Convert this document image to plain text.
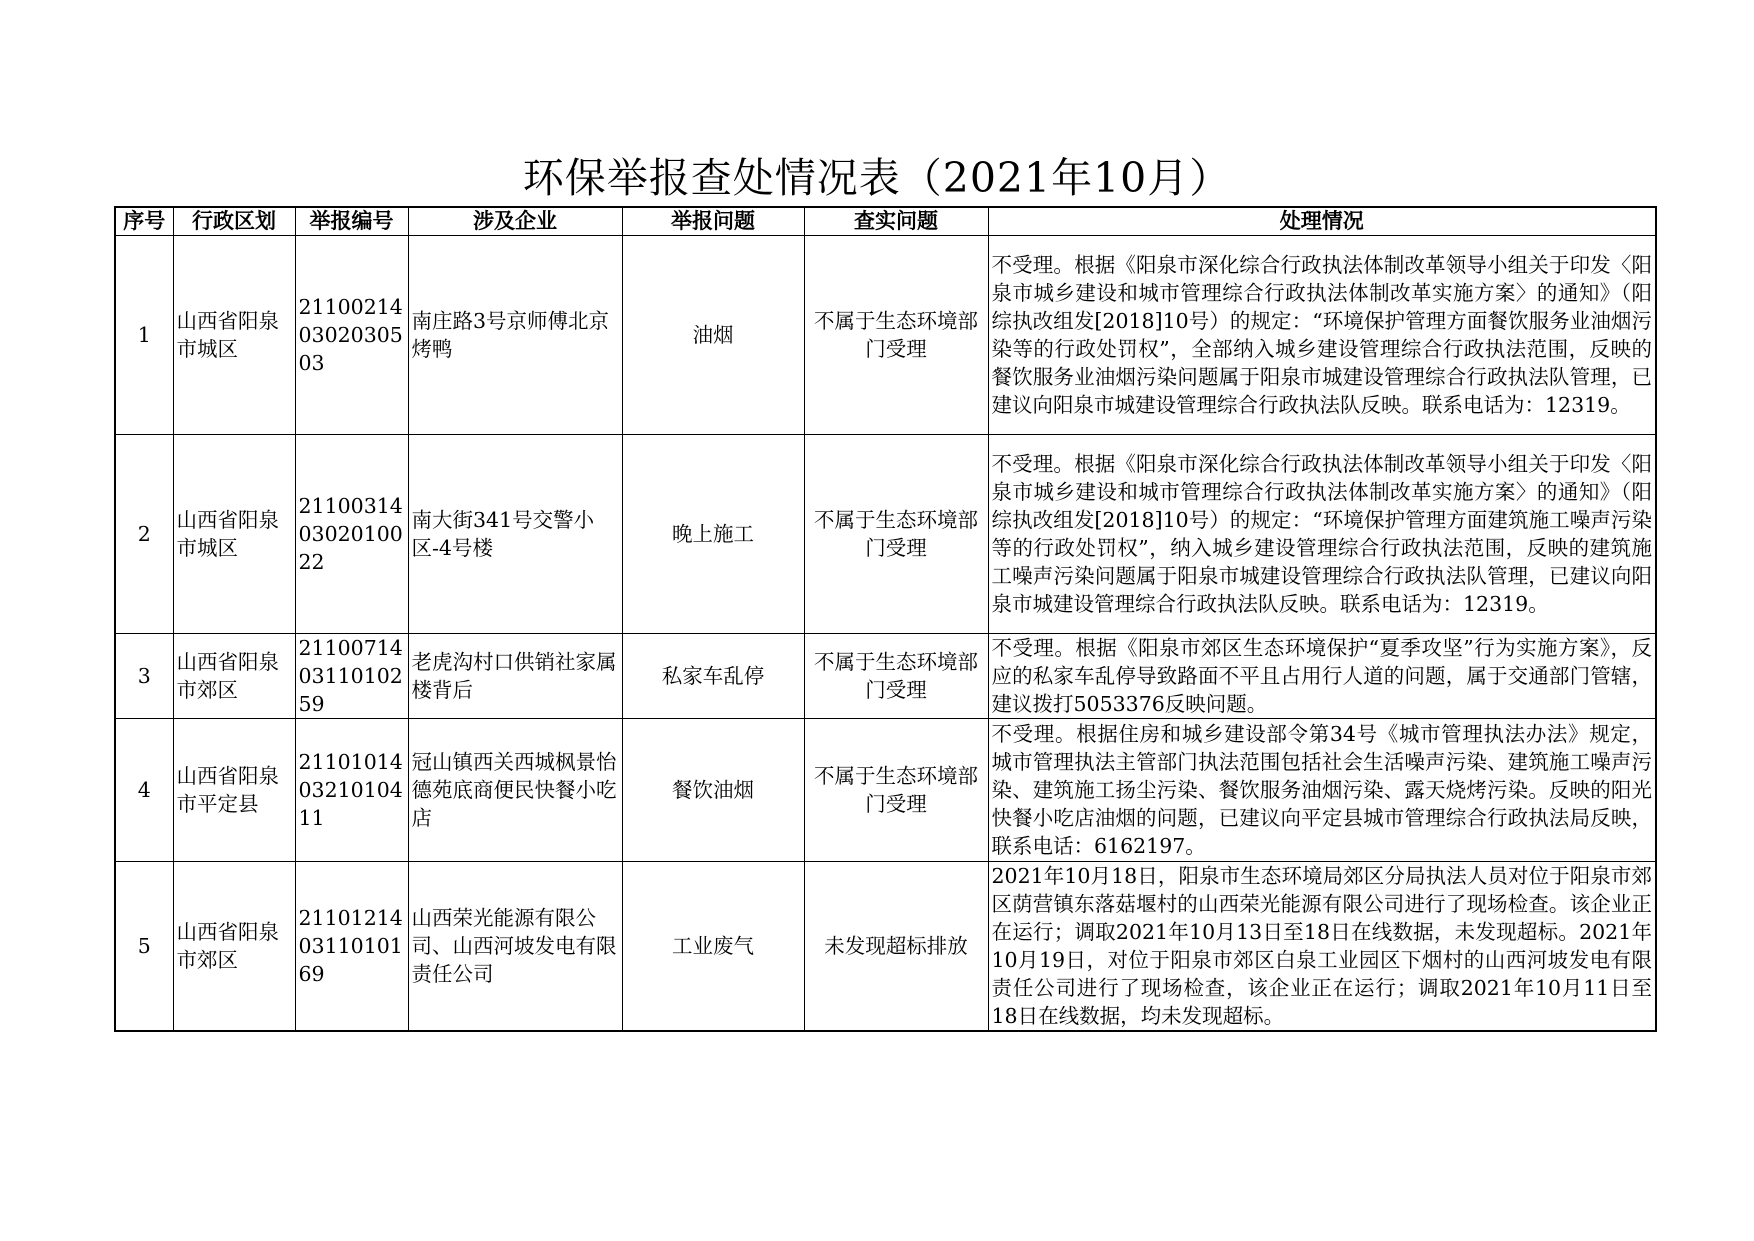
环保举报查处情况表（2021年10月）
序号	行政区划	举报编号	涉及企业	举报问题	查实问题	处理情况
1	山西省阳泉市城区	211002140302030503	南庄路3号京师傅北京烤鸭	油烟	不属于生态环境部门受理	不受理。根据《阳泉市深化综合行政执法体制改革领导小组关于印发〈阳泉市城乡建设和城市管理综合行政执法体制改革实施方案〉的通知》（阳综执改组发[2018]10号）的规定：“环境保护管理方面餐饮服务业油烟污染等的行政处罚权”，全部纳入城乡建设管理综合行政执法范围，反映的餐饮服务业油烟污染问题属于阳泉市城建设管理综合行政执法队管理，已建议向阳泉市城建设管理综合行政执法队反映。联系电话为：12319。
2	山西省阳泉市城区	211003140302010022	南大街341号交警小区-4号楼	晚上施工	不属于生态环境部门受理	不受理。根据《阳泉市深化综合行政执法体制改革领导小组关于印发〈阳泉市城乡建设和城市管理综合行政执法体制改革实施方案〉的通知》（阳综执改组发[2018]10号）的规定：“环境保护管理方面建筑施工噪声污染等的行政处罚权”，纳入城乡建设管理综合行政执法范围，反映的建筑施工噪声污染问题属于阳泉市城建设管理综合行政执法队管理，已建议向阳泉市城建设管理综合行政执法队反映。联系电话为：12319。
3	山西省阳泉市郊区	211007140311010259	老虎沟村口供销社家属楼背后	私家车乱停	不属于生态环境部门受理	不受理。根据《阳泉市郊区生态环境保护“夏季攻坚”行为实施方案》，反应的私家车乱停导致路面不平且占用行人道的问题，属于交通部门管辖，建议拨打5053376反映问题。
4	山西省阳泉市平定县	211010140321010411	冠山镇西关西城枫景怡德苑底商便民快餐小吃店	餐饮油烟	不属于生态环境部门受理	不受理。根据住房和城乡建设部令第34号《城市管理执法办法》规定，城市管理执法主管部门执法范围包括社会生活噪声污染、建筑施工噪声污染、建筑施工扬尘污染、餐饮服务油烟污染、露天烧烤污染。反映的阳光快餐小吃店油烟的问题，已建议向平定县城市管理综合行政执法局反映，联系电话：6162197。
5	山西省阳泉市郊区	211012140311010169	山西荣光能源有限公司、山西河坡发电有限责任公司	工业废气	未发现超标排放	2021年10月18日，阳泉市生态环境局郊区分局执法人员对位于阳泉市郊区荫营镇东落菇堰村的山西荣光能源有限公司进行了现场检查。该企业正在运行；调取2021年10月13日至18日在线数据，未发现超标。2021年10月19日，对位于阳泉市郊区白泉工业园区下烟村的山西河坡发电有限责任公司进行了现场检查，该企业正在运行；调取2021年10月11日至18日在线数据，均未发现超标。
